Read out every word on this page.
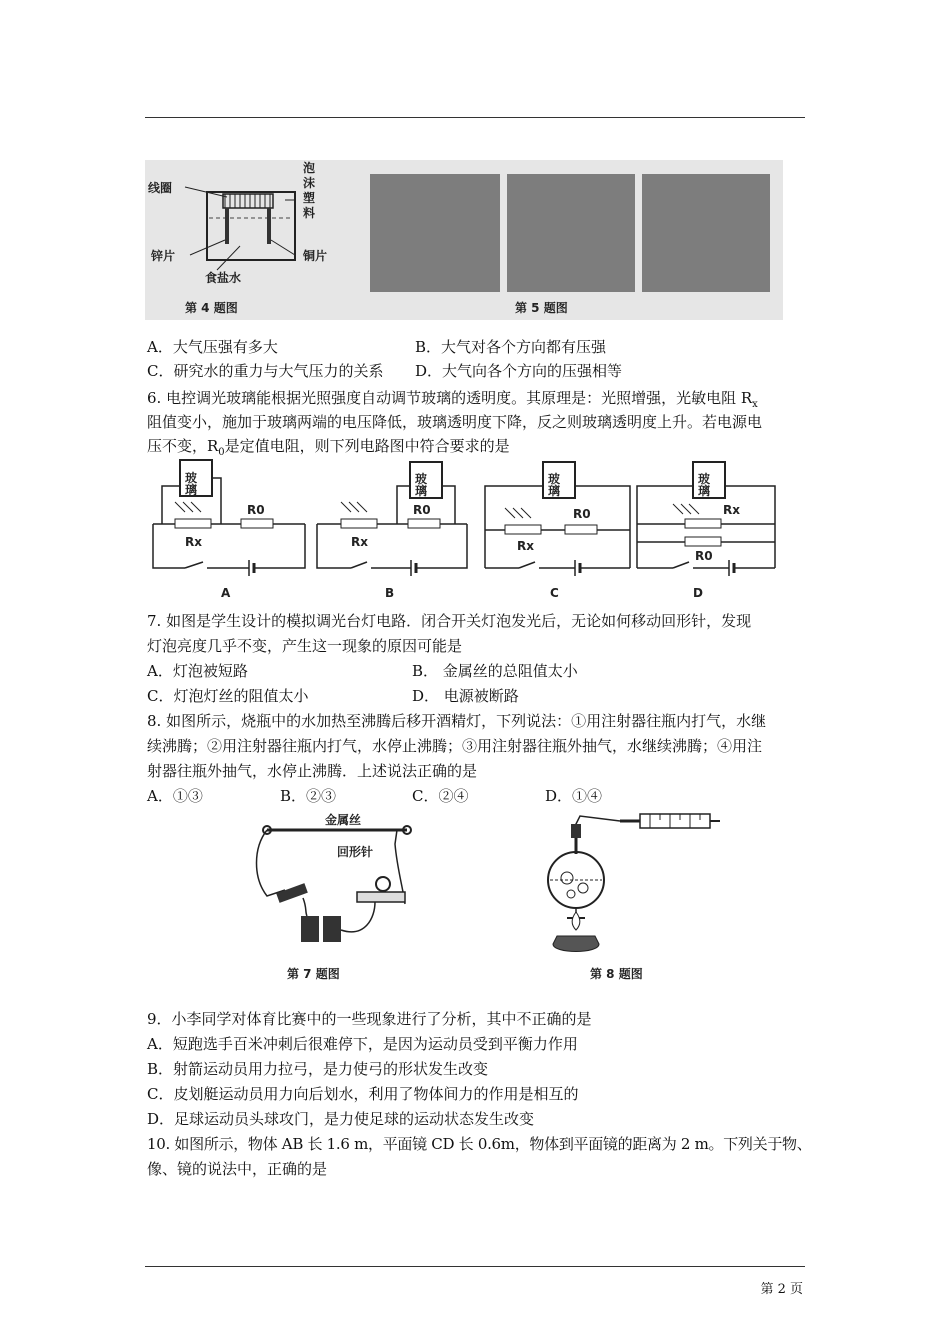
线圈
泡
沫
塑
料
锌片	铜片
食盐水
第 4 题图	第 5 题图
A．大气压强有多大	B．大气对各个方向都有压强
C．研究水的重力与大气压力的关系 D．大气向各个方向的压强相等
6. 电控调光玻璃能根据光照强度自动调节玻璃的透明度。其原理是：光照增强，光敏电阻 $R_x$
阻值变小，施加于玻璃两端的电压降低，玻璃透明度下降，反之则玻璃透明度上升。若电源电
压不变，$R_0$是定值电阻，则下列电路图中符合要求的是
玻
璃
R0
Rx
A
玻
璃
R0
Rx
B
玻
璃
R0
Rx
C
玻
璃
Rx
R0
D
7. 如图是学生设计的模拟调光台灯电路．闭合开关灯泡发光后，无论如何移动回形针，发现
灯泡亮度几乎不变，产生这一现象的原因可能是
A．灯泡被短路	B． 金属丝的总阻值太小
C．灯泡灯丝的阻值太小	D． 电源被断路
8. 如图所示，烧瓶中的水加热至沸腾后移开酒精灯，下列说法：①用注射器往瓶内打气，水继
续沸腾；②用注射器往瓶内打气，水停止沸腾；③用注射器往瓶外抽气，水继续沸腾；④用注
射器往瓶外抽气，水停止沸腾．上述说法正确的是
A．①③	B．②③	C．②④	D．①④
金属丝
回形针
第 7 题图	第 8 题图
9．小李同学对体育比赛中的一些现象进行了分析，其中不正确的是
A．短跑选手百米冲刺后很难停下，是因为运动员受到平衡力作用
B．射箭运动员用力拉弓，是力使弓的形状发生改变
C．皮划艇运动员用力向后划水，利用了物体间力的作用是相互的
D．足球运动员头球攻门，是力使足球的运动状态发生改变
10. 如图所示，物体 AB 长 1.6 m，平面镜 CD 长 0.6m，物体到平面镜的距离为 2 m。下列关于物、
像、镜的说法中，正确的是
第 2 页
